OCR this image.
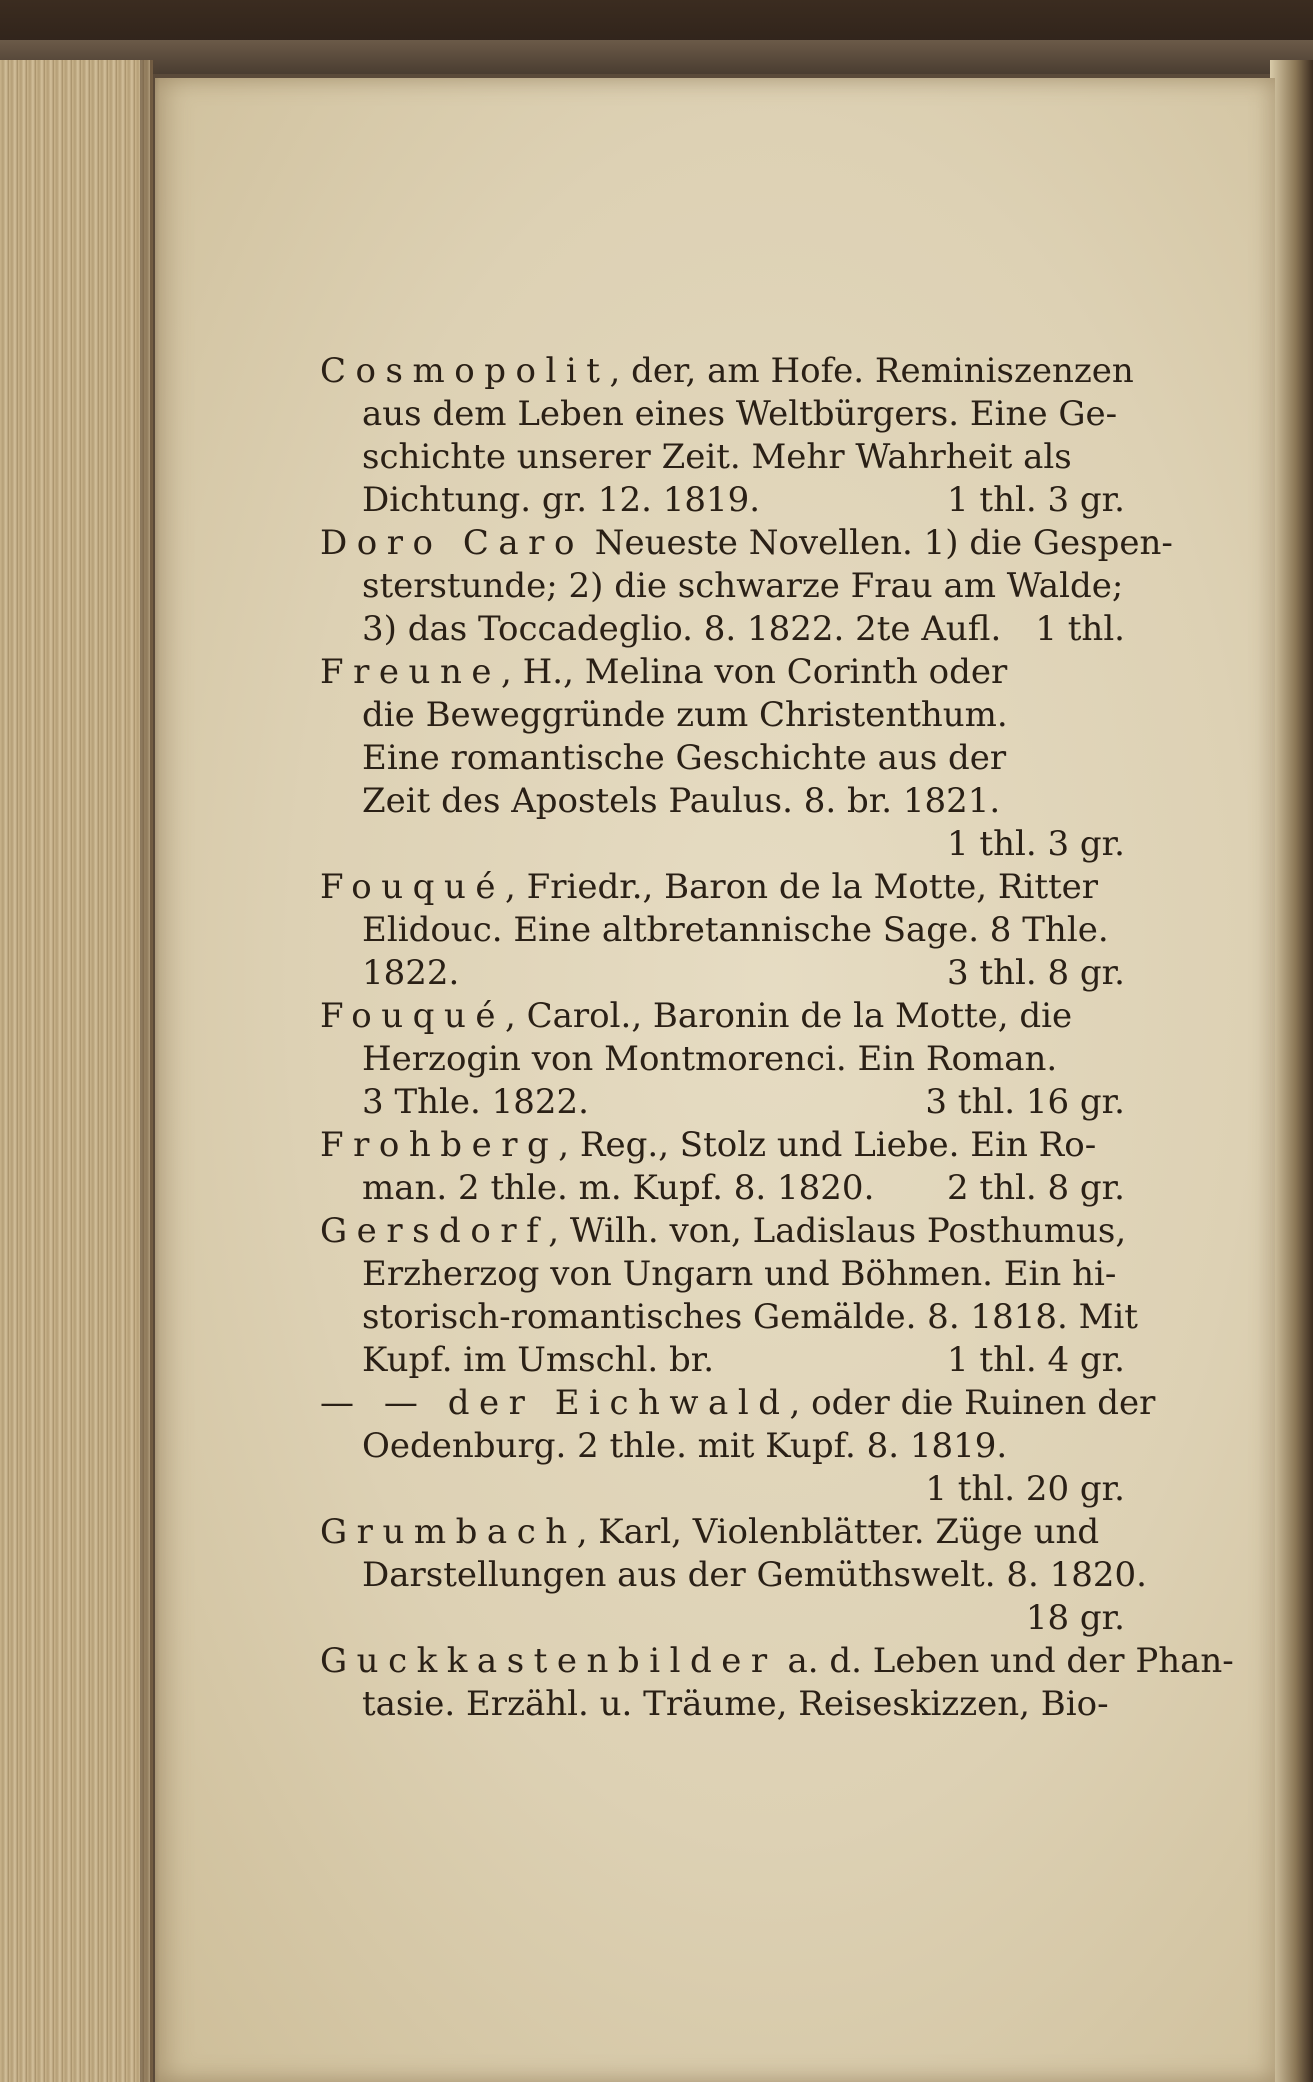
Cosmopolit, der, am Hofe. Reminiszenzen
aus dem Leben eines Weltbürgers. Eine Ge-
schichte unserer Zeit. Mehr Wahrheit als
Dichtung. gr. 12. 1819.	1 thl. 3 gr.
Doro Caro Neueste Novellen. 1) die Gespen-
sterstunde; 2) die schwarze Frau am Walde;
3) das Toccadeglio. 8. 1822. 2te Aufl.	1 thl.
Freune, H., Melina von Corinth oder
die Beweggründe zum Christenthum.
Eine romantische Geschichte aus der
Zeit des Apostels Paulus. 8. br. 1821.
1 thl. 3 gr.
Fouqué, Friedr., Baron de la Motte, Ritter
Elidouc. Eine altbretannische Sage. 8 Thle.
1822.	3 thl. 8 gr.
Fouqué, Carol., Baronin de la Motte, die
Herzogin von Montmorenci. Ein Roman.
3 Thle. 1822.	3 thl. 16 gr.
Frohberg, Reg., Stolz und Liebe. Ein Ro-
man. 2 thle. m. Kupf. 8. 1820.	2 thl. 8 gr.
Gersdorf, Wilh. von, Ladislaus Posthumus,
Erzherzog von Ungarn und Böhmen. Ein hi-
storisch-romantisches Gemälde. 8. 1818. Mit
Kupf. im Umschl. br.	1 thl. 4 gr.
— — der Eichwald, oder die Ruinen der
Oedenburg. 2 thle. mit Kupf. 8. 1819.
1 thl. 20 gr.
Grumbach, Karl, Violenblätter. Züge und
Darstellungen aus der Gemüthswelt. 8. 1820.
18 gr.
Guckkastenbilder a. d. Leben und der Phan-
tasie. Erzähl. u. Träume, Reiseskizzen, Bio-
